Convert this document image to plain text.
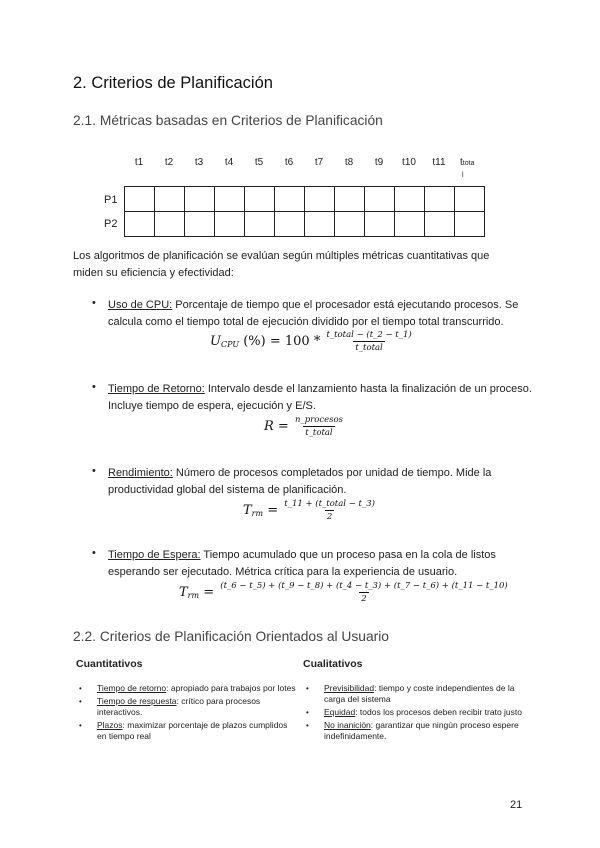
2. Criterios de Planificación
2.1. Métricas basadas en Criterios de Planificación
t1	t2	t3	t4	t5	t6	t7	t8	t9	t10	t11	ttota
l
P1
P2

Los algoritmos de planificación se evalúan según múltiples métricas cuantitativas que miden su eficiencia y efectividad:
• Uso de CPU: Porcentaje de tiempo que el procesador está ejecutando procesos. Se calcula como el tiempo total de ejecución dividido por el tiempo total transcurrido.
$U_{CPU}$ (%) = $100 * \frac{\text{t\_total − (t\_2 − t\_1)}}{\text{t\_total}}$
• Tiempo de Retorno: Intervalo desde el lanzamiento hasta la finalización de un proceso. Incluye tiempo de espera, ejecución y E/S.
$R = \frac{\text{n\_procesos}}{\text{t\_total}}$
• Rendimiento: Número de procesos completados por unidad de tiempo. Mide la productividad global del sistema de planificación.
$T_{rm} = \frac{\text{t\_11 + (t\_total − t\_3)}}{2}$
• Tiempo de Espera: Tiempo acumulado que un proceso pasa en la cola de listos esperando ser ejecutado. Métrica crítica para la experiencia de usuario.
$T_{rm}$ = (t_6 − t_5) + (t_9 − t_8) + (t_4 − t_3) + (t_7 − t_6) + (t_11 − t_10)
2
2.2. Criterios de Planificación Orientados al Usuario
Cuantitativos
• Tiempo de retorno: apropiado para trabajos por lotes
• Tiempo de respuesta: crítico para procesos interactivos.
• Plazos: maximizar porcentaje de plazos cumplidos en tiempo real
Cualitativos
• Previsibilidad: tiempo y coste independientes de la carga del sistema
• Equidad: todos los procesos deben recibir trato justo
• No inanición: garantizar que ningún proceso espere indefinidamente.
21
